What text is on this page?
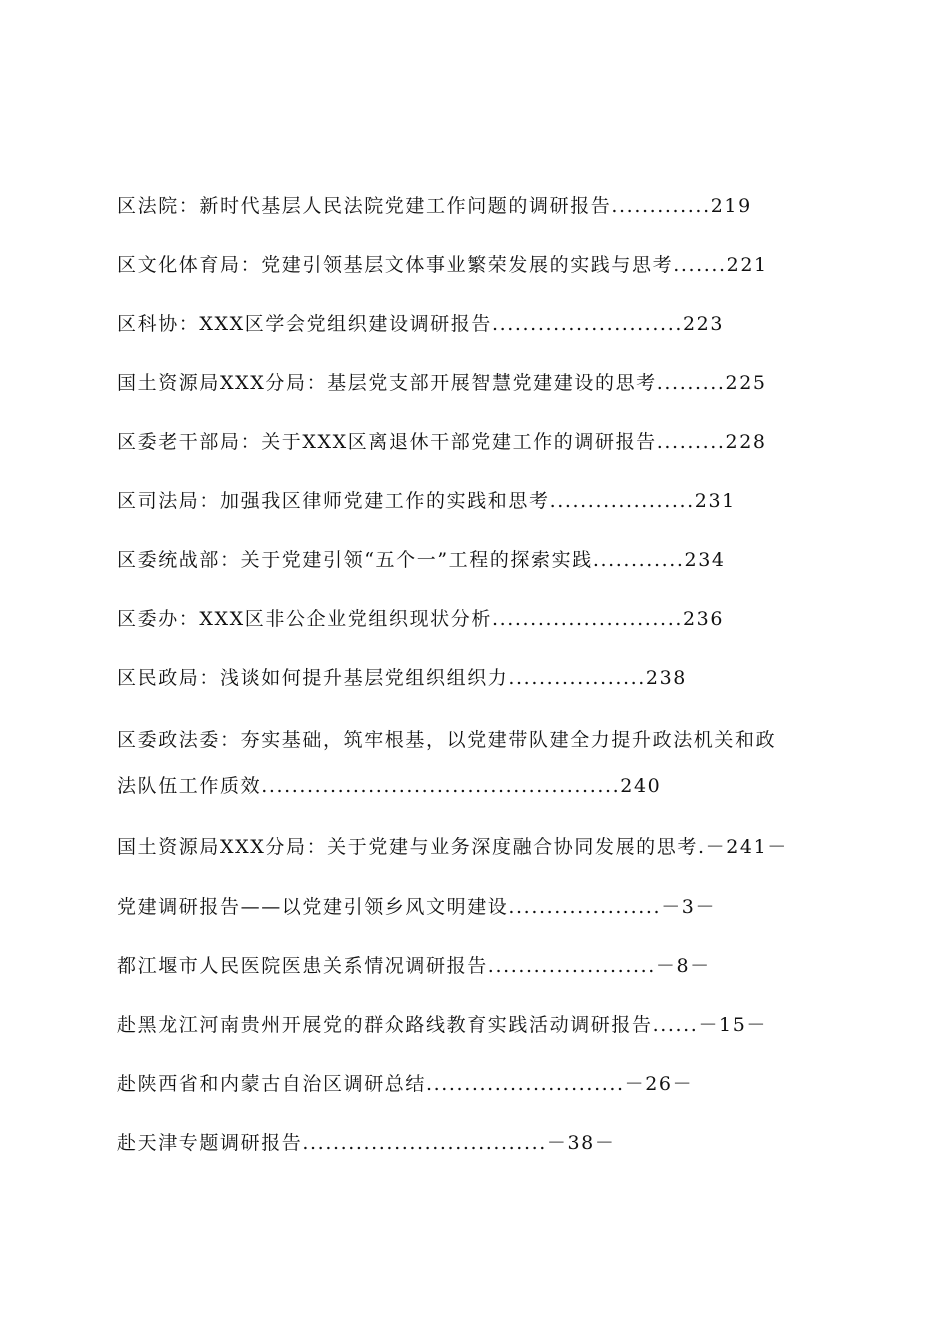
区法院：新时代基层人民法院党建工作问题的调研报告.............219
区文化体育局：党建引领基层文体事业繁荣发展的实践与思考.......221
区科协：XXX区学会党组织建设调研报告.........................223
国土资源局XXX分局：基层党支部开展智慧党建建设的思考.........225
区委老干部局：关于XXX区离退休干部党建工作的调研报告.........228
区司法局：加强我区律师党建工作的实践和思考...................231
区委统战部：关于党建引领“五个一”工程的探索实践............234
区委办：XXX区非公企业党组织现状分析.........................236
区民政局：浅谈如何提升基层党组织组织力..................238
区委政法委：夯实基础，筑牢根基，以党建带队建全力提升政法机关和政
法队伍工作质效...............................................240
国土资源局XXX分局：关于党建与业务深度融合协同发展的思考.－241－
党建调研报告——以党建引领乡风文明建设....................－3－
都江堰市人民医院医患关系情况调研报告......................－8－
赴黑龙江河南贵州开展党的群众路线教育实践活动调研报告......－15－
赴陕西省和内蒙古自治区调研总结..........................－26－
赴天津专题调研报告................................－38－
